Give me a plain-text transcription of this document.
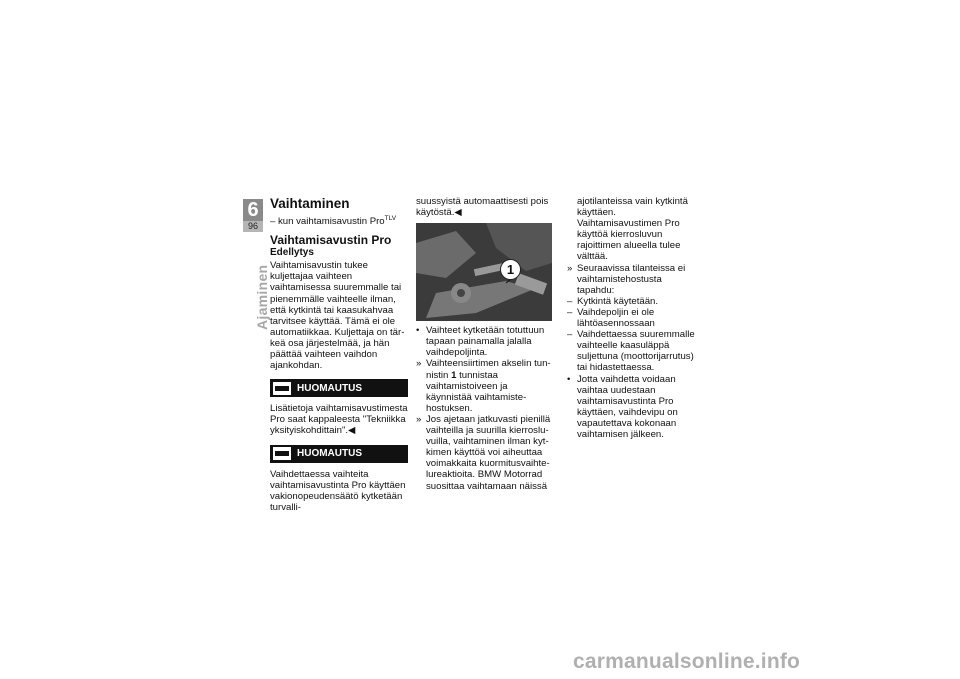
6
96
Ajaminen
Vaihtaminen

– kun vaihtamisavustin Pro$^{TLV}$

Vaihtamisavustin Pro
Edellytys

Vaihtamisavustin tukee kuljettajaa vaihteen vaihtamisessa suuremmalle tai pienemmälle vaihteelle ilman, että kytkintä tai kaasukahvaa tarvitsee käyttää. Tämä ei ole automatiikkaa. Kuljettaja on tärkeä osa järjestelmää, ja hän päättää vaihteen vaihdon ajankohdan.

HUOMAUTUS

Lisätietoja vaihtamisavustimesta Pro saat kappaleesta "Tekniikka yksityiskohdittain".◀

HUOMAUTUS

Vaihdettaessa vaihteita vaihtamisavustinta Pro käyttäen vakionopeudensäätö kytketään turvalli-

suussyistä automaattisesti pois käytöstä.◀

1
• Vaihteet kytketään totuttuun tapaan painamalla jalalla vaihdepoljinta.
» Vaihteensiirtimen akselin tunnistin 1 tunnistaa vaihtamistoiveen ja käynnistää vaihtamistehostuksen.
» Jos ajetaan jatkuvasti pienillä vaihteilla ja suurilla kierrosluvuilla, vaihtaminen ilman kytkimen käyttöä voi aiheuttaa voimakkaita kuormitusvaihtelureaktioita. BMW Motorrad suosittaa vaihtamaan näissä

ajotilanteissa vain kytkintä käyttäen. Vaihtamisavustimen Pro käyttöä kierrosluvun rajoittimen alueella tulee välttää.

» Seuraavissa tilanteissa ei vaihtamistehostusta tapahdu:
– Kytkintä käytetään.
– Vaihdepoljin ei ole lähtöasennossaan
– Vaihdettaessa suuremmalle vaihteelle kaasuläppä suljettuna (moottorijarrutus) tai hidastettaessa.
• Jotta vaihdetta voidaan vaihtaa uudestaan vaihtamisavustinta Pro käyttäen, vaihdevipu on vapautettava kokonaan vaihtamisen jälkeen.
carmanualsonline.info
